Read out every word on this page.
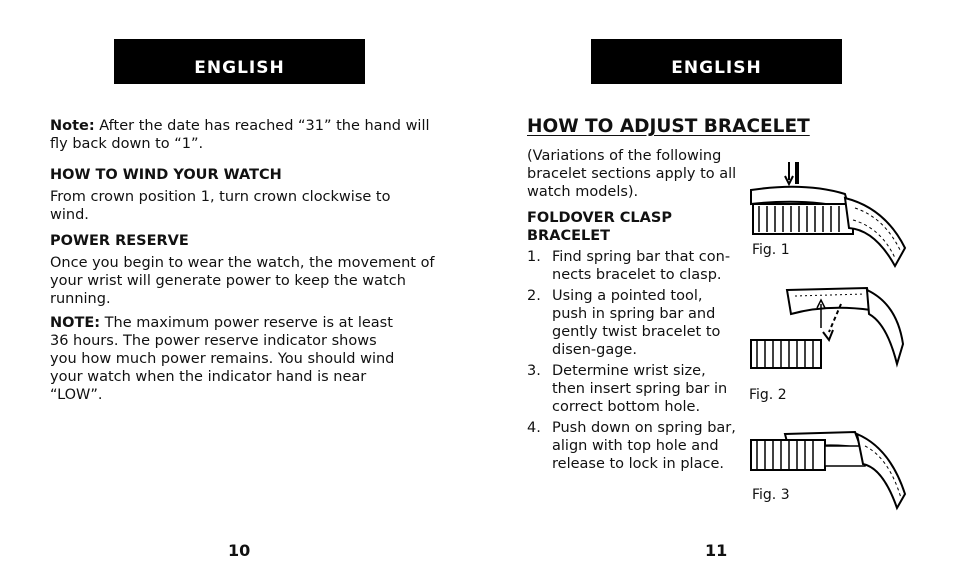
ENGLISH
Note: After the date has reached “31” the hand will fly back down to “1”.
HOW TO WIND YOUR WATCH
From crown position 1, turn crown clockwise to wind.
POWER RESERVE
Once you begin to wear the watch, the movement of your wrist will generate power to keep the watch running.
NOTE: The maximum power reserve is at least 36 hours. The power reserve indicator shows you how much power remains. You should wind your watch when the indicator hand is near “LOW”.
10
ENGLISH
HOW TO ADJUST BRACELET
(Variations of the following bracelet sections apply to all watch models).
FOLDOVER CLASP BRACELET
1. Find spring bar that con-nects bracelet to clasp.
2. Using a pointed tool, push in spring bar and gently twist bracelet to disen-gage.
3. Determine wrist size, then insert spring bar in correct bottom hole.
4. Push down on spring bar, align with top hole and release to lock in place.
Fig. 1
Fig. 2
Fig. 3
11
